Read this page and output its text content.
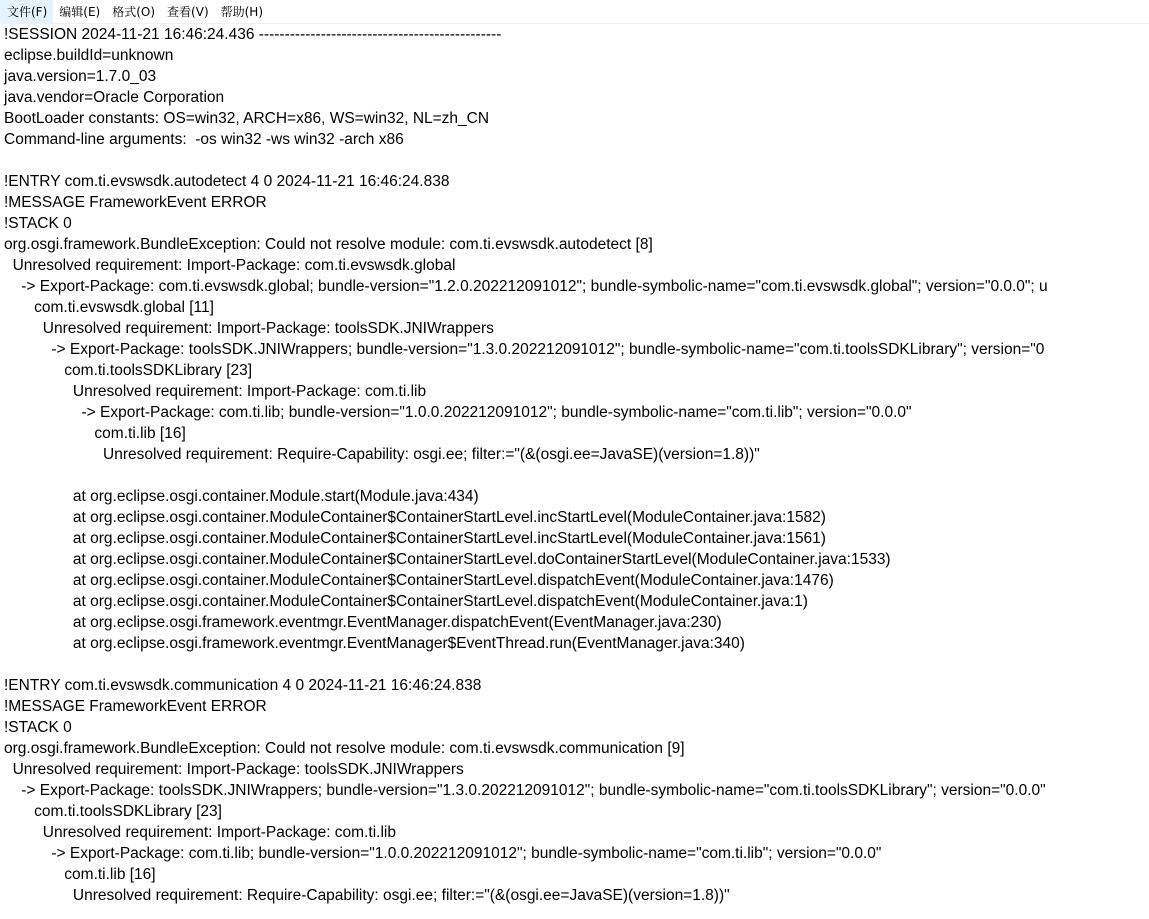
文件(F)	编辑(E)	格式(O)	查看(V)	帮助(H)
!SESSION 2024-11-21 16:46:24.436 -----------------------------------------------
eclipse.buildId=unknown
java.version=1.7.0_03
java.vendor=Oracle Corporation
BootLoader constants: OS=win32, ARCH=x86, WS=win32, NL=zh_CN
Command-line arguments:  -os win32 -ws win32 -arch x86
!ENTRY com.ti.evswsdk.autodetect 4 0 2024-11-21 16:46:24.838
!MESSAGE FrameworkEvent ERROR
!STACK 0
org.osgi.framework.BundleException: Could not resolve module: com.ti.evswsdk.autodetect [8]
Unresolved requirement: Import-Package: com.ti.evswsdk.global
-> Export-Package: com.ti.evswsdk.global; bundle-version="1.2.0.202212091012"; bundle-symbolic-name="com.ti.evswsdk.global"; version="0.0.0"; u
com.ti.evswsdk.global [11]
Unresolved requirement: Import-Package: toolsSDK.JNIWrappers
-> Export-Package: toolsSDK.JNIWrappers; bundle-version="1.3.0.202212091012"; bundle-symbolic-name="com.ti.toolsSDKLibrary"; version="0
com.ti.toolsSDKLibrary [23]
Unresolved requirement: Import-Package: com.ti.lib
-> Export-Package: com.ti.lib; bundle-version="1.0.0.202212091012"; bundle-symbolic-name="com.ti.lib"; version="0.0.0"
com.ti.lib [16]
Unresolved requirement: Require-Capability: osgi.ee; filter:="(&(osgi.ee=JavaSE)(version=1.8))"
at org.eclipse.osgi.container.Module.start(Module.java:434)
at org.eclipse.osgi.container.ModuleContainer$ContainerStartLevel.incStartLevel(ModuleContainer.java:1582)
at org.eclipse.osgi.container.ModuleContainer$ContainerStartLevel.incStartLevel(ModuleContainer.java:1561)
at org.eclipse.osgi.container.ModuleContainer$ContainerStartLevel.doContainerStartLevel(ModuleContainer.java:1533)
at org.eclipse.osgi.container.ModuleContainer$ContainerStartLevel.dispatchEvent(ModuleContainer.java:1476)
at org.eclipse.osgi.container.ModuleContainer$ContainerStartLevel.dispatchEvent(ModuleContainer.java:1)
at org.eclipse.osgi.framework.eventmgr.EventManager.dispatchEvent(EventManager.java:230)
at org.eclipse.osgi.framework.eventmgr.EventManager$EventThread.run(EventManager.java:340)
!ENTRY com.ti.evswsdk.communication 4 0 2024-11-21 16:46:24.838
!MESSAGE FrameworkEvent ERROR
!STACK 0
org.osgi.framework.BundleException: Could not resolve module: com.ti.evswsdk.communication [9]
Unresolved requirement: Import-Package: toolsSDK.JNIWrappers
-> Export-Package: toolsSDK.JNIWrappers; bundle-version="1.3.0.202212091012"; bundle-symbolic-name="com.ti.toolsSDKLibrary"; version="0.0.0"
com.ti.toolsSDKLibrary [23]
Unresolved requirement: Import-Package: com.ti.lib
-> Export-Package: com.ti.lib; bundle-version="1.0.0.202212091012"; bundle-symbolic-name="com.ti.lib"; version="0.0.0"
com.ti.lib [16]
Unresolved requirement: Require-Capability: osgi.ee; filter:="(&(osgi.ee=JavaSE)(version=1.8))"
